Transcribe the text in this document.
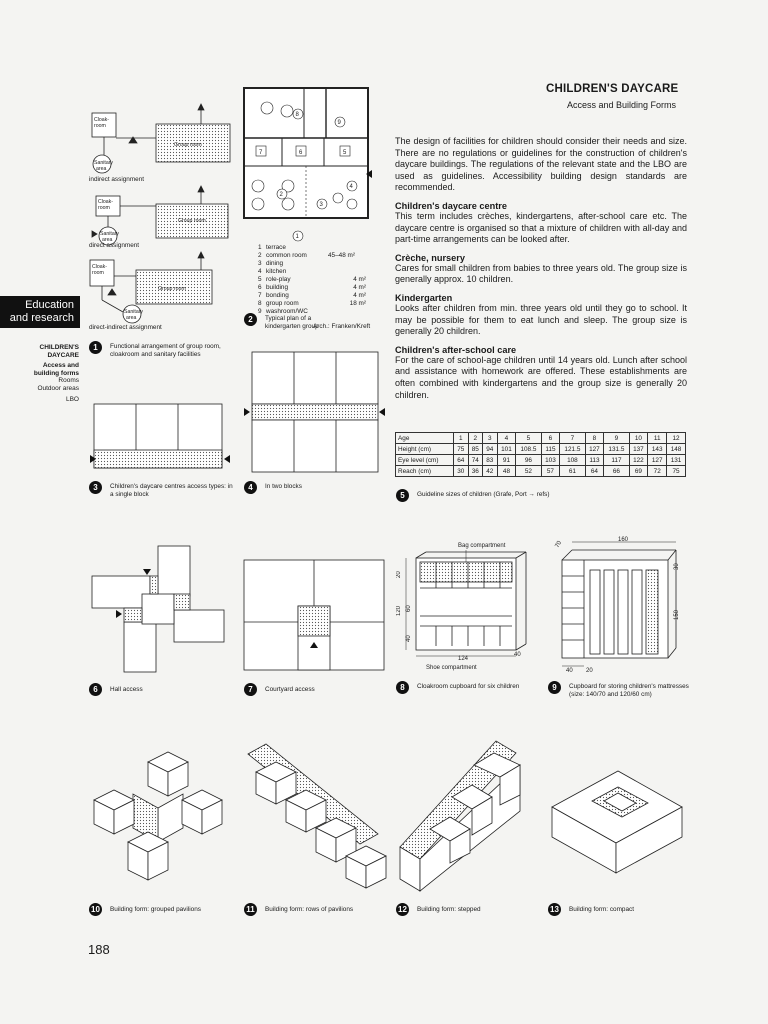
CHILDREN'S DAYCARE
Access and Building Forms
Education
and research
CHILDREN'S
DAYCARE
Access and
building forms
Rooms
Outdoor areas
LBO

The design of facilities for children should consider their needs and size. There are no regulations or guidelines for the construction of children's daycare buildings. The regulations of the relevant state and the LBO are used as guidelines. Accessibility building design standards are recommended.

Children's daycare centre

This term includes crèches, kindergartens, after-school care etc. The daycare centre is organised so that a mixture of children with all-day and part-time arrangements can be looked after.

Crèche, nursery

Cares for small children from babies to three years old. The group size is generally approx. 10 children.

Kindergarten

Looks after children from min. three years old until they go to school. It may be possible for them to eat lunch and sleep. The group size is generally 20 children.

Children's after-school care

For the care of school-age children until 14 years old. Lunch after school and assistance with homework are offered. These establishments are often combined with kindergartens and the group size is generally 20 children.

Cloak-
room
Group room
Sanitary
area
Cloak-
room
Group room
Sanitary
area
Cloak-
room
Group room
Sanitary
area
indirect assignment
direct assignment
direct-indirect assignment
1	Functional arrangement of group room, cloakroom and sanitary facilities
8
9
7	6	5
2
3
4
1
1 terrace
2 common room	45–48 m²
3 dining
4 kitchen
5 role-play	4 m²
6 building	4 m²
7 bonding	4 m²
8 group room	18 m²
9 washroom/WC
2	Typical plan of a kindergarten group
Arch.: Franken/Kreft
3	Children's daycare centres access types: in a single block
4	In two blocks
Age	1	2	3	4	5	6	7	8	9	10	11	12
Height (cm)	75	85	94	101	108.5	115	121.5	127	131.5	137	143	148
Eye level (cm)	64	74	83	91	96	103	108	113	117	122	127	131
Reach (cm)	30	36	42	48	52	57	61	64	66	69	72	75
5	Guideline sizes of children (Grafe, Port → refs)
6	Hall access	7	Courtyard access
Bag compartment
Shoe compartment
124
40
20
120 60
40
8	Cloakroom cupboard for six children
160
70
30
150
40 20
9	Cupboard for storing children's mattresses (size: 140/70 and 120/60 cm)
10	Building form: grouped pavilions	11	Building form: rows of pavilions	12	Building form: stepped	13	Building form: compact
188
